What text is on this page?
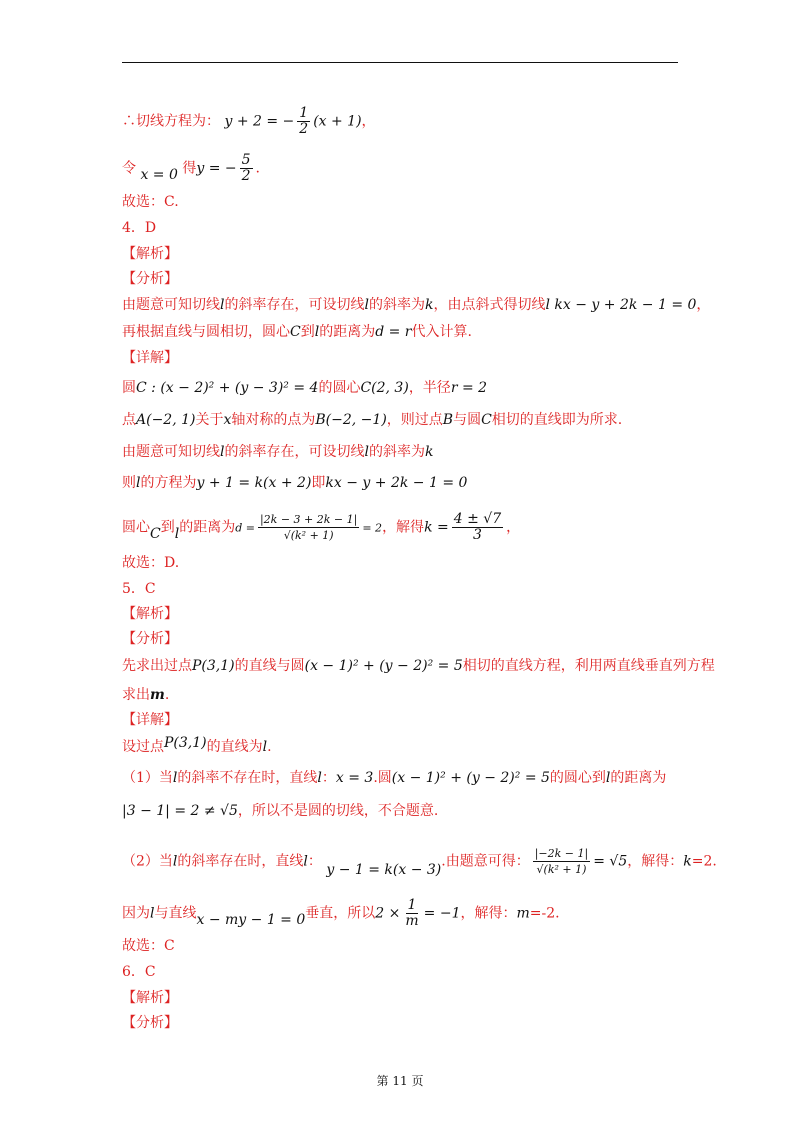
∴切线方程为： y + 2 = − $\frac{1}{2} (x + 1)$，
令 x = 0 得y = − $\frac{5}{2}$ .
故选：C.
4．D
【解析】
【分析】
由题意可知切线l的斜率存在，可设切线l的斜率为k，由点斜式得切线l kx − y + 2k − 1 = 0，
再根据直线与圆相切，圆心C到l的距离为d = r代入计算.
【详解】
圆C : (x − 2)² + (y − 3)² = 4的圆心C(2, 3)，半径r = 2
点A(−2, 1)关于x轴对称的点为B(−2, −1)，则过点B与圆C相切的直线即为所求.
由题意可知切线l的斜率存在，可设切线l的斜率为k
则l的方程为y + 1 = k(x + 2)即kx − y + 2k − 1 = 0
圆心C到l的距离为$d = \frac{|2k - 3 + 2k - 1|}{\text{√(k² + 1)}} = 2$，解得$k = \frac{4 \pm √7}{3}$ ，
故选：D.
5．C
【解析】
【分析】
先求出过点P(3,1)的直线与圆(x − 1)² + (y − 2)² = 5相切的直线方程，利用两直线垂直列方程
求出m.
【详解】
设过点P(3,1)的直线为l.
（1）当l的斜率不存在时，直线l：x = 3.圆(x − 1)² + (y − 2)² = 5的圆心到l的距离为
|3 − 1| = 2 ≠ √5，所以不是圆的切线，不合题意.
（2）当l的斜率存在时，直线l： y − 1 = k(x − 3).由题意可得： $\frac{|-2k - 1|}{\text{√(k² + 1)}} = √5$，解得：k=2.
因为l与直线x − my − 1 = 0垂直，所以$2 \times \frac{1}{m} = -1$，解得：m=-2.
故选：C
6．C
【解析】
【分析】
第 11 页
